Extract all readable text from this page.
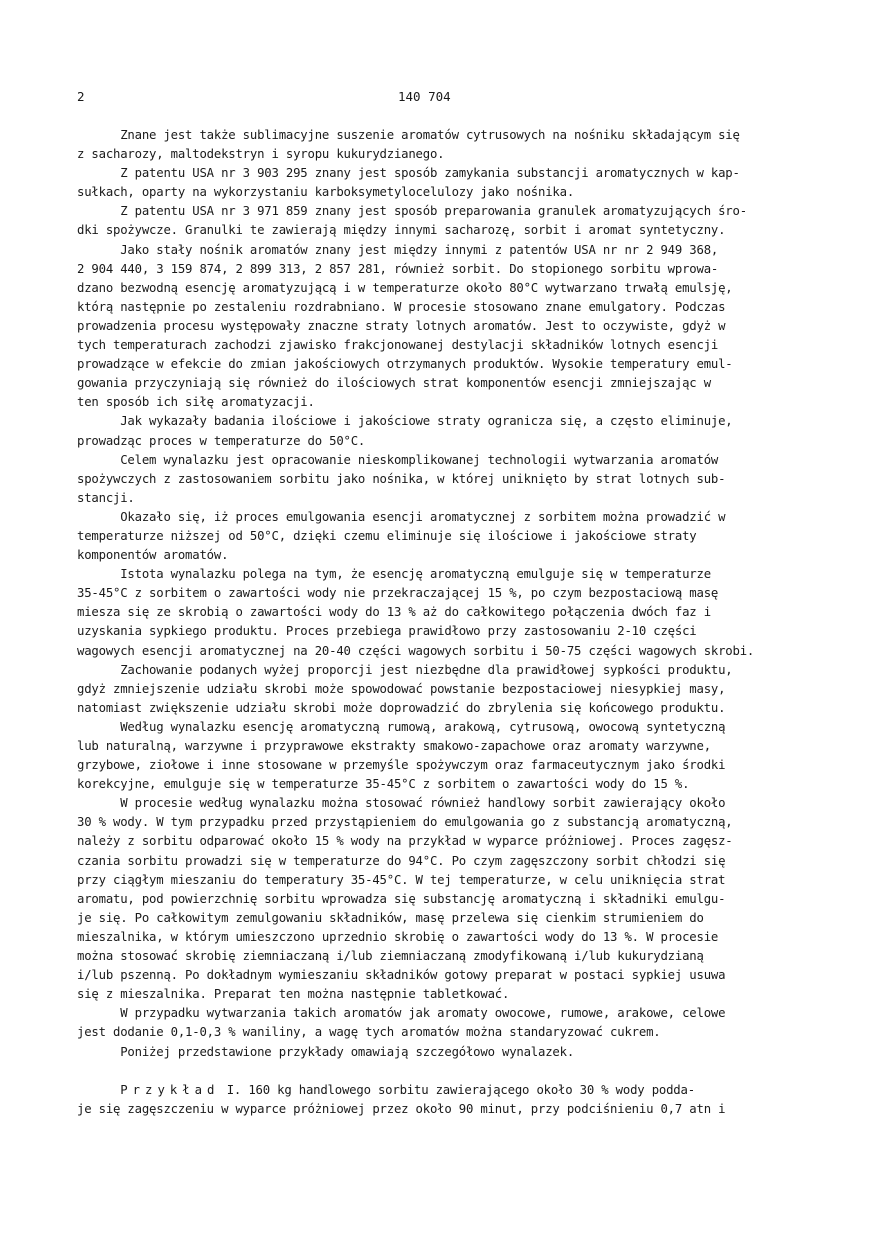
2	140 704
Znane jest także sublimacyjne suszenie aromatów cytrusowych na nośniku składającym się
z sacharozy, maltodekstryn i syropu kukurydzianego.
Z patentu USA nr 3 903 295 znany jest sposób zamykania substancji aromatycznych w kap-
sułkach, oparty na wykorzystaniu karboksymetylocelulozy jako nośnika.
Z patentu USA nr 3 971 859 znany jest sposób preparowania granulek aromatyzujących śro-
dki spożywcze. Granulki te zawierają między innymi sacharozę, sorbit i aromat syntetyczny.
Jako stały nośnik aromatów znany jest między innymi z patentów USA nr nr 2 949 368,
2 904 440, 3 159 874, 2 899 313, 2 857 281, również sorbit. Do stopionego sorbitu wprowa-
dzano bezwodną esencję aromatyzującą i w temperaturze około 80°C wytwarzano trwałą emulsję,
którą następnie po zestaleniu rozdrabniano. W procesie stosowano znane emulgatory. Podczas
prowadzenia procesu występowały znaczne straty lotnych aromatów. Jest to oczywiste, gdyż w
tych temperaturach zachodzi zjawisko frakcjonowanej destylacji składników lotnych esencji
prowadzące w efekcie do zmian jakościowych otrzymanych produktów. Wysokie temperatury emul-
gowania przyczyniają się również do ilościowych strat komponentów esencji zmniejszając w
ten sposób ich siłę aromatyzacji.
Jak wykazały badania ilościowe i jakościowe straty ogranicza się, a często eliminuje,
prowadząc proces w temperaturze do 50°C.
Celem wynalazku jest opracowanie nieskomplikowanej technologii wytwarzania aromatów
spożywczych z zastosowaniem sorbitu jako nośnika, w której uniknięto by strat lotnych sub-
stancji.
Okazało się, iż proces emulgowania esencji aromatycznej z sorbitem można prowadzić w
temperaturze niższej od 50°C, dzięki czemu eliminuje się ilościowe i jakościowe straty
komponentów aromatów.
Istota wynalazku polega na tym, że esencję aromatyczną emulguje się w temperaturze
35-45°C z sorbitem o zawartości wody nie przekraczającej 15 %, po czym bezpostaciową masę
miesza się ze skrobią o zawartości wody do 13 % aż do całkowitego połączenia dwóch faz i
uzyskania sypkiego produktu. Proces przebiega prawidłowo przy zastosowaniu 2-10 części
wagowych esencji aromatycznej na 20-40 części wagowych sorbitu i 50-75 części wagowych skrobi.
Zachowanie podanych wyżej proporcji jest niezbędne dla prawidłowej sypkości produktu,
gdyż zmniejszenie udziału skrobi może spowodować powstanie bezpostaciowej niesypkiej masy,
natomiast zwiększenie udziału skrobi może doprowadzić do zbrylenia się końcowego produktu.
Według wynalazku esencję aromatyczną rumową, arakową, cytrusową, owocową syntetyczną
lub naturalną, warzywne i przyprawowe ekstrakty smakowo-zapachowe oraz aromaty warzywne,
grzybowe, ziołowe i inne stosowane w przemyśle spożywczym oraz farmaceutycznym jako środki
korekcyjne, emulguje się w temperaturze 35-45°C z sorbitem o zawartości wody do 15 %.
W procesie według wynalazku można stosować również handlowy sorbit zawierający około
30 % wody. W tym przypadku przed przystąpieniem do emulgowania go z substancją aromatyczną,
należy z sorbitu odparować około 15 % wody na przykład w wyparce próżniowej. Proces zagęsz-
czania sorbitu prowadzi się w temperaturze do 94°C. Po czym zagęszczony sorbit chłodzi się
przy ciągłym mieszaniu do temperatury 35-45°C. W tej temperaturze, w celu uniknięcia strat
aromatu, pod powierzchnię sorbitu wprowadza się substancję aromatyczną i składniki emulgu-
je się. Po całkowitym zemulgowaniu składników, masę przelewa się cienkim strumieniem do
mieszalnika, w którym umieszczono uprzednio skrobię o zawartości wody do 13 %. W procesie
można stosować skrobię ziemniaczaną i/lub ziemniaczaną zmodyfikowaną i/lub kukurydzianą
i/lub pszenną. Po dokładnym wymieszaniu składników gotowy preparat w postaci sypkiej usuwa
się z mieszalnika. Preparat ten można następnie tabletkować.
W przypadku wytwarzania takich aromatów jak aromaty owocowe, rumowe, arakowe, celowe
jest dodanie 0,1-0,3 % waniliny, a wagę tych aromatów można standaryzować cukrem.
Poniżej przedstawione przykłady omawiają szczegółowo wynalazek.
Przykład I. 160 kg handlowego sorbitu zawierającego około 30 % wody podda-
je się zagęszczeniu w wyparce próżniowej przez około 90 minut, przy podciśnieniu 0,7 atn i
